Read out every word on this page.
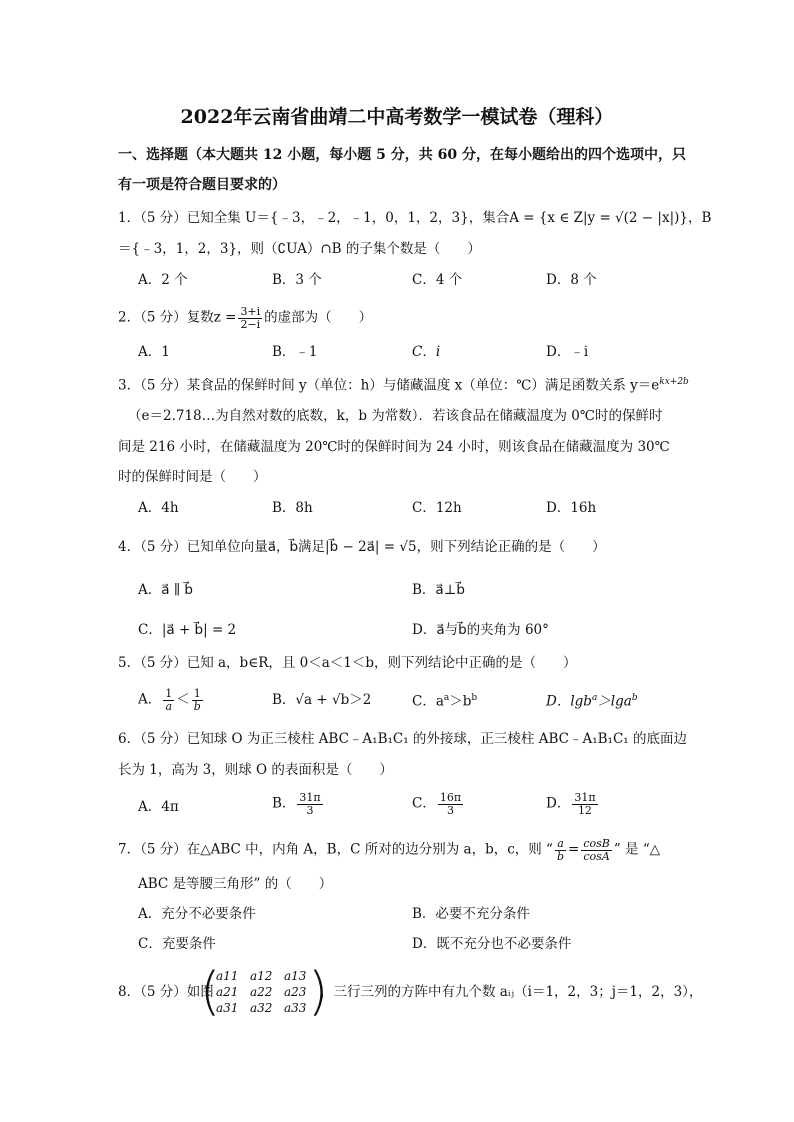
2022年云南省曲靖二中高考数学一模试卷（理科）
一、选择题（本大题共 12 小题，每小题 5 分，共 60 分，在每小题给出的四个选项中，只
有一项是符合题目要求的）
1．（5 分）已知全集 U＝{﹣3，﹣2，﹣1，0，1，2，3}，集合A = {x ∈ Z|y = √(2 − |x|)}，B
＝{﹣3，1，2，3}，则（∁UA）∩B 的子集个数是（　　）
A．2 个	B．3 个	C．4 个	D．8 个
2．（5 分）复数$z = \frac{3+i}{2-i}$ 的虚部为（　　）
A．1	B．﹣1	C．i	D．﹣i
3．（5 分）某食品的保鲜时间 y（单位：h）与储藏温度 x（单位：℃）满足函数关系 $y=e^{kx+2b}$
（e＝2.718…为自然对数的底数，k，b 为常数）．若该食品在储藏温度为 0℃时的保鲜时
间是 216 小时，在储藏温度为 20℃时的保鲜时间为 24 小时，则该食品在储藏温度为 30℃
时的保鲜时间是（　　）
A．4h	B．8h	C．12h	D．16h
4．（5 分）已知单位向量a⃗，b⃗满足|b⃗ − 2a⃗| = √5，则下列结论正确的是（　　）
A．a⃗ ∥ b⃗	B．a⃗⊥b⃗
C．|a⃗ + b⃗| = 2	D．a⃗与b⃗的夹角为 60°
5．（5 分）已知 a，b∈R，且 0＜a＜1＜b，则下列结论中正确的是（　　）
A． $\frac{1}{a} < \frac{1}{b}$	B．√a + √b＞2	C．$a^a>b^b$	D．lgb$^a$＞lga$^b$
6．（5 分）已知球 O 为正三棱柱 ABC﹣A₁B₁C₁ 的外接球，正三棱柱 ABC﹣A₁B₁C₁ 的底面边
长为 1，高为 3，则球 O 的表面积是（　　）
A．4π	B． $\frac{31\pi}{3}$	C． $\frac{16\pi}{3}$	D． $\frac{31\pi}{12}$
7．（5 分）在△ABC 中，内角 A，B，C 所对的边分别为 a，b，c，则 “ $\frac{a}{b} = \frac{\cos B}{\cos A}$ ” 是 “△
ABC 是等腰三角形” 的（　　）
A．充分不必要条件	B．必要不充分条件
C．充要条件	D．既不充分也不必要条件
8．（5 分）如图
(
a11 a12 a13
a21 a22 a23
a31 a32 a33 )
，三行三列的方阵中有九个数 aᵢⱼ（i＝1，2，3；j＝1，2，3），
